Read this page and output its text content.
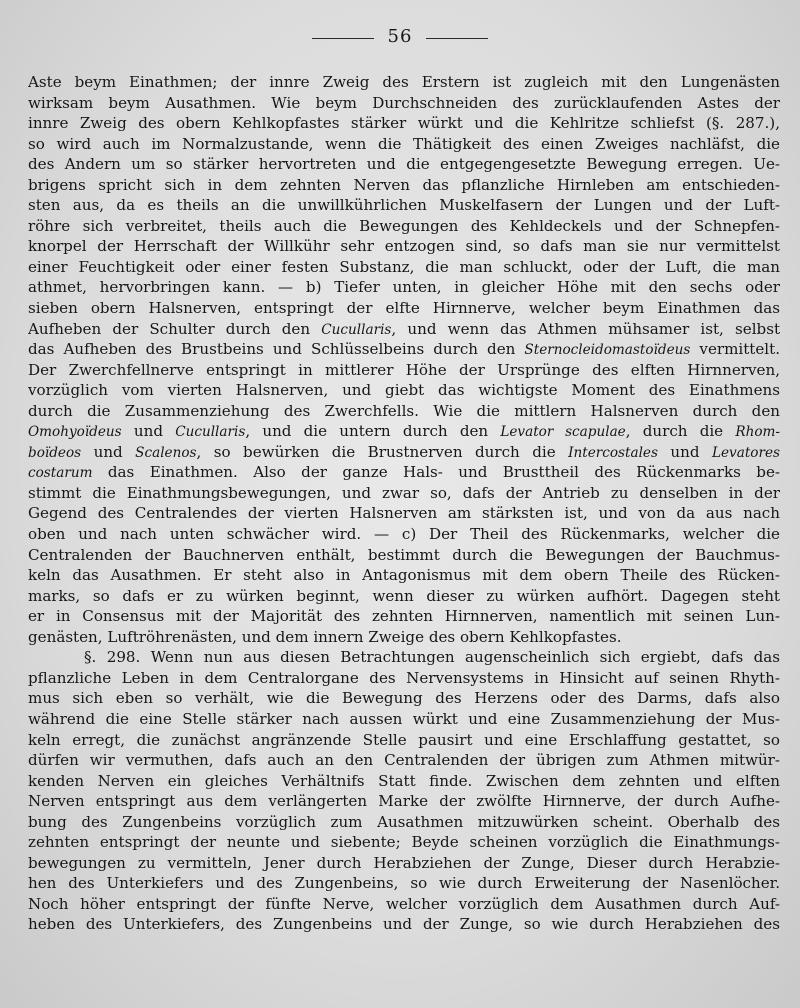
56
Aste beym Einathmen; der innre Zweig des Erstern ist zugleich mit den Lungenästen
wirksam beym Ausathmen. Wie beym Durchschneiden des zurücklaufenden Astes der
innre Zweig des obern Kehlkopfastes stärker würkt und die Kehlritze schliefst (§. 287.),
so wird auch im Normalzustande, wenn die Thätigkeit des einen Zweiges nachläfst, die
des Andern um so stärker hervortreten und die entgegengesetzte Bewegung erregen. Ue-
brigens spricht sich in dem zehnten Nerven das pflanzliche Hirnleben am entschieden-
sten aus, da es theils an die unwillkührlichen Muskelfasern der Lungen und der Luft-
röhre sich verbreitet, theils auch die Bewegungen des Kehldeckels und der Schnepfen-
knorpel der Herrschaft der Willkühr sehr entzogen sind, so dafs man sie nur vermittelst
einer Feuchtigkeit oder einer festen Substanz, die man schluckt, oder der Luft, die man
athmet, hervorbringen kann. — b) Tiefer unten, in gleicher Höhe mit den sechs oder
sieben obern Halsnerven, entspringt der elfte Hirnnerve, welcher beym Einathmen das
Aufheben der Schulter durch den Cucullaris, und wenn das Athmen mühsamer ist, selbst
das Aufheben des Brustbeins und Schlüsselbeins durch den Sternocleidomastoïdeus vermittelt.
Der Zwerchfellnerve entspringt in mittlerer Höhe der Ursprünge des elften Hirnnerven,
vorzüglich vom vierten Halsnerven, und giebt das wichtigste Moment des Einathmens
durch die Zusammenziehung des Zwerchfells. Wie die mittlern Halsnerven durch den
Omohyoïdeus und Cucullaris, und die untern durch den Levator scapulae, durch die Rhom-
boïdeos und Scalenos, so bewürken die Brustnerven durch die Intercostales und Levatores
costarum das Einathmen. Also der ganze Hals- und Brusttheil des Rückenmarks be-
stimmt die Einathmungsbewegungen, und zwar so, dafs der Antrieb zu denselben in der
Gegend des Centralendes der vierten Halsnerven am stärksten ist, und von da aus nach
oben und nach unten schwächer wird. — c) Der Theil des Rückenmarks, welcher die
Centralenden der Bauchnerven enthält, bestimmt durch die Bewegungen der Bauchmus-
keln das Ausathmen. Er steht also in Antagonismus mit dem obern Theile des Rücken-
marks, so dafs er zu würken beginnt, wenn dieser zu würken aufhört. Dagegen steht
er in Consensus mit der Majorität des zehnten Hirnnerven, namentlich mit seinen Lun-
genästen, Luftröhrenästen, und dem innern Zweige des obern Kehlkopfastes.
§. 298. Wenn nun aus diesen Betrachtungen augenscheinlich sich ergiebt, dafs das
pflanzliche Leben in dem Centralorgane des Nervensystems in Hinsicht auf seinen Rhyth-
mus sich eben so verhält, wie die Bewegung des Herzens oder des Darms, dafs also
während die eine Stelle stärker nach aussen würkt und eine Zusammenziehung der Mus-
keln erregt, die zunächst angränzende Stelle pausirt und eine Erschlaffung gestattet, so
dürfen wir vermuthen, dafs auch an den Centralenden der übrigen zum Athmen mitwür-
kenden Nerven ein gleiches Verhältnifs Statt finde. Zwischen dem zehnten und elften
Nerven entspringt aus dem verlängerten Marke der zwölfte Hirnnerve, der durch Aufhe-
bung des Zungenbeins vorzüglich zum Ausathmen mitzuwürken scheint. Oberhalb des
zehnten entspringt der neunte und siebente; Beyde scheinen vorzüglich die Einathmungs-
bewegungen zu vermitteln, Jener durch Herabziehen der Zunge, Dieser durch Herabzie-
hen des Unterkiefers und des Zungenbeins, so wie durch Erweiterung der Nasenlöcher.
Noch höher entspringt der fünfte Nerve, welcher vorzüglich dem Ausathmen durch Auf-
heben des Unterkiefers, des Zungenbeins und der Zunge, so wie durch Herabziehen des
